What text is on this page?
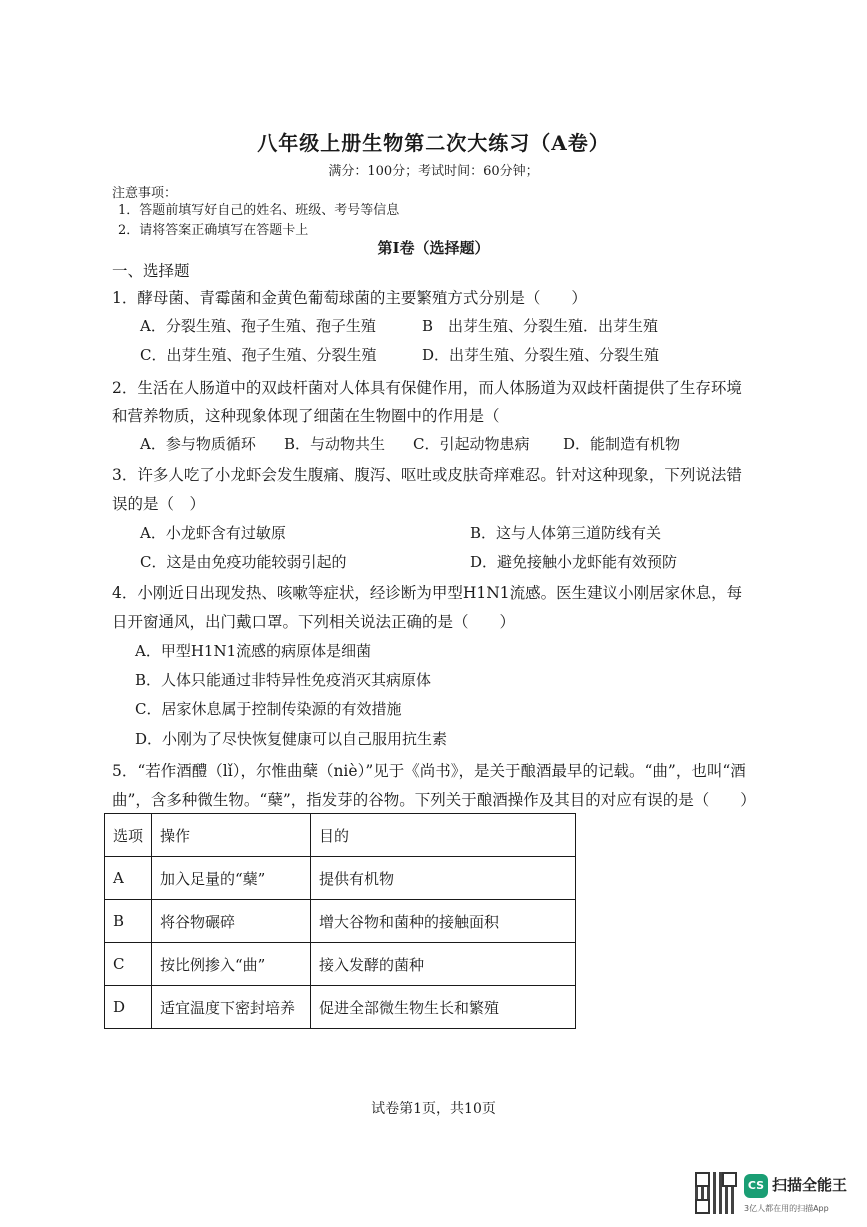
八年级上册生物第二次大练习（A卷）
满分：100分；考试时间：60分钟；
注意事项：
1．答题前填写好自己的姓名、班级、考号等信息
2．请将答案正确填写在答题卡上
第Ⅰ卷（选择题）
一、选择题
1．酵母菌、青霉菌和金黄色葡萄球菌的主要繁殖方式分别是（　　）
A．分裂生殖、孢子生殖、孢子生殖	B　出芽生殖、分裂生殖．出芽生殖
C．出芽生殖、孢子生殖、分裂生殖	D．出芽生殖、分裂生殖、分裂生殖
2．生活在人肠道中的双歧杆菌对人体具有保健作用，而人体肠道为双歧杆菌提供了生存环境
和营养物质，这种现象体现了细菌在生物圈中的作用是（
A．参与物质循环 B．与动物共生 C．引起动物患病 D．能制造有机物
3．许多人吃了小龙虾会发生腹痛、腹泻、呕吐或皮肤奇痒难忍。针对这种现象，下列说法错
误的是（　）
A．小龙虾含有过敏原	B．这与人体第三道防线有关
C．这是由免疫功能较弱引起的	D．避免接触小龙虾能有效预防
4．小刚近日出现发热、咳嗽等症状，经诊断为甲型H1N1流感。医生建议小刚居家休息，每
日开窗通风，出门戴口罩。下列相关说法正确的是（　　）
A．甲型H1N1流感的病原体是细菌
B．人体只能通过非特异性免疫消灭其病原体
C．居家休息属于控制传染源的有效措施
D．小刚为了尽快恢复健康可以自己服用抗生素
5．“若作酒醴（lǐ），尔惟曲蘖（niè）”见于《尚书》，是关于酿酒最早的记载。“曲”，也叫“酒
曲”，含多种微生物。“蘖”，指发芽的谷物。下列关于酿酒操作及其目的对应有误的是（　　）
选项	操作	目的
A	加入足量的“蘖”	提供有机物
B	将谷物碾碎	增大谷物和菌种的接触面积
C	按比例掺入“曲”	接入发酵的菌种
D	适宜温度下密封培养	促进全部微生物生长和繁殖
试卷第1页，共10页
CS 扫描全能王
3亿人都在用的扫描App
